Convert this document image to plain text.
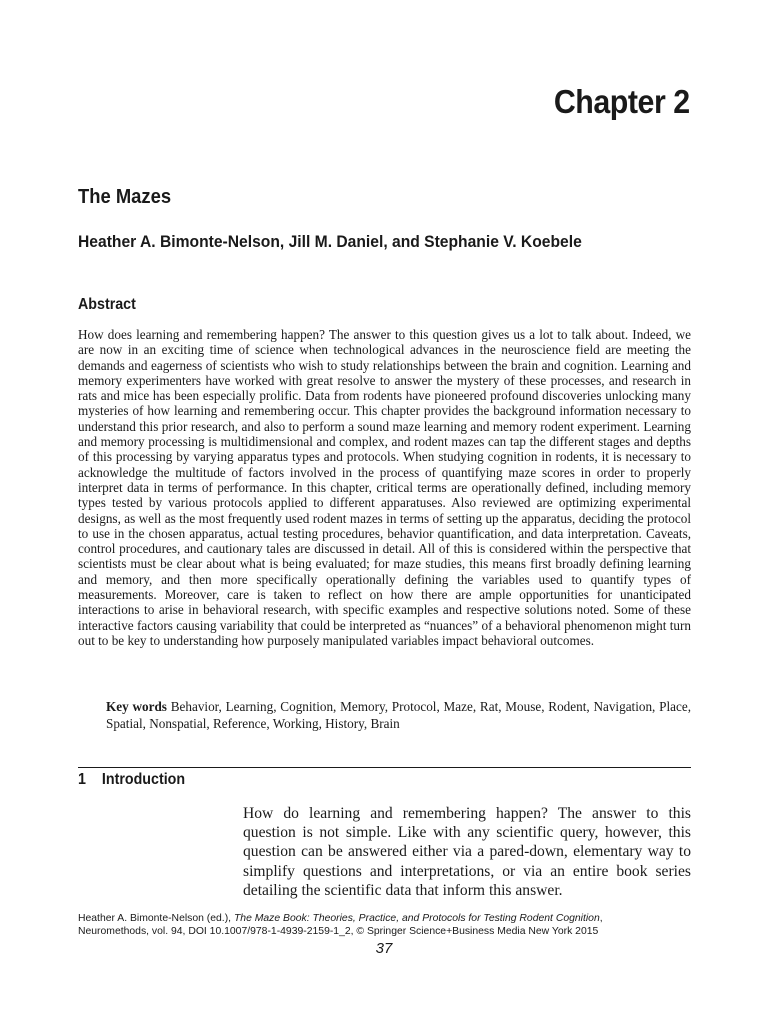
Chapter 2
The Mazes
Heather A. Bimonte-Nelson, Jill M. Daniel, and Stephanie V. Koebele
Abstract

How does learning and remembering happen? The answer to this question gives us a lot to talk about. Indeed, we are now in an exciting time of science when technological advances in the neuroscience field are meeting the demands and eagerness of scientists who wish to study relationships between the brain and cognition. Learning and memory experimenters have worked with great resolve to answer the mystery of these processes, and research in rats and mice has been especially prolific. Data from rodents have pioneered profound discoveries unlocking many mysteries of how learning and remembering occur. This chapter provides the background information necessary to understand this prior research, and also to perform a sound maze learning and memory rodent experiment. Learning and memory processing is multidimensional and complex, and rodent mazes can tap the different stages and depths of this processing by varying apparatus types and protocols. When studying cognition in rodents, it is necessary to acknowledge the multitude of factors involved in the process of quantifying maze scores in order to properly interpret data in terms of performance. In this chapter, critical terms are operationally defined, including memory types tested by various protocols applied to different apparatuses. Also reviewed are optimizing experimental designs, as well as the most frequently used rodent mazes in terms of setting up the apparatus, deciding the protocol to use in the chosen apparatus, actual testing procedures, behavior quantification, and data interpretation. Caveats, control procedures, and cautionary tales are discussed in detail. All of this is considered within the perspective that scientists must be clear about what is being evaluated; for maze studies, this means first broadly defining learning and memory, and then more specifically operationally defining the variables used to quantify types of measurements. Moreover, care is taken to reflect on how there are ample opportunities for unanticipated interactions to arise in behavioral research, with specific examples and respective solutions noted. Some of these interactive factors causing variability that could be interpreted as “nuances” of a behavioral phenomenon might turn out to be key to understanding how purposely manipulated variables impact behavioral outcomes.

Key words Behavior, Learning, Cognition, Memory, Protocol, Maze, Rat, Mouse, Rodent, Navigation, Place, Spatial, Nonspatial, Reference, Working, History, Brain

1 Introduction

How do learning and remembering happen? The answer to this question is not simple. Like with any scientific query, however, this question can be answered either via a pared-down, elementary way to simplify questions and interpretations, or via an entire book series detailing the scientific data that inform this answer.

Heather A. Bimonte-Nelson (ed.), The Maze Book: Theories, Practice, and Protocols for Testing Rodent Cognition,
Neuromethods, vol. 94, DOI 10.1007/978-1-4939-2159-1_2, © Springer Science+Business Media New York 2015

37
